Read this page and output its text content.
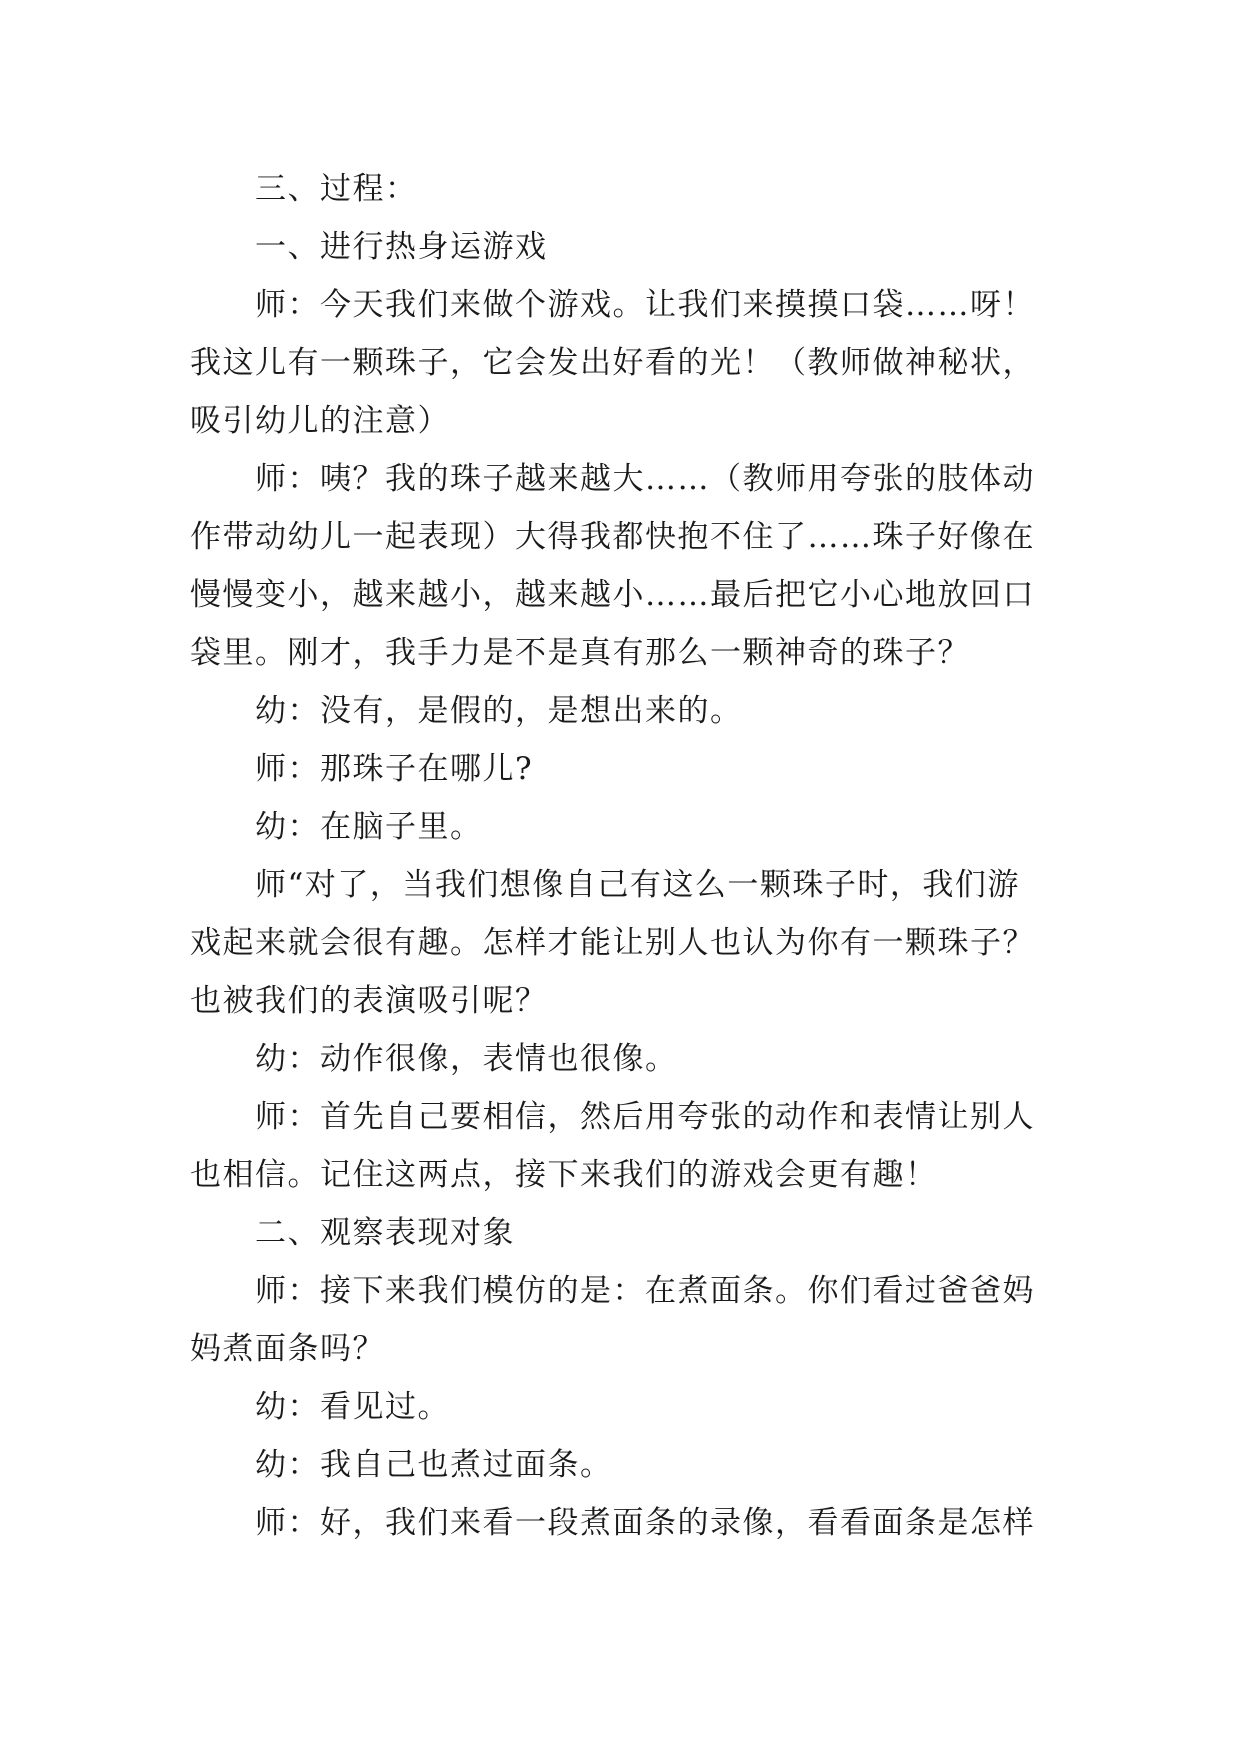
三、过程：
一、进行热身运游戏
师：今天我们来做个游戏。让我们来摸摸口袋……呀！
我这儿有一颗珠子，它会发出好看的光！（教师做神秘状，
吸引幼儿的注意）
师：咦？我的珠子越来越大……（教师用夸张的肢体动
作带动幼儿一起表现）大得我都快抱不住了……珠子好像在
慢慢变小，越来越小，越来越小……最后把它小心地放回口
袋里。刚才，我手力是不是真有那么一颗神奇的珠子？
幼：没有，是假的，是想出来的。
师：那珠子在哪儿?
幼：在脑子里。
师“对了，当我们想像自己有这么一颗珠子时，我们游
戏起来就会很有趣。怎样才能让别人也认为你有一颗珠子？
也被我们的表演吸引呢？
幼：动作很像，表情也很像。
师：首先自己要相信，然后用夸张的动作和表情让别人
也相信。记住这两点，接下来我们的游戏会更有趣！
二、观察表现对象
师：接下来我们模仿的是：在煮面条。你们看过爸爸妈
妈煮面条吗？
幼：看见过。
幼：我自己也煮过面条。
师：好，我们来看一段煮面条的录像，看看面条是怎样
